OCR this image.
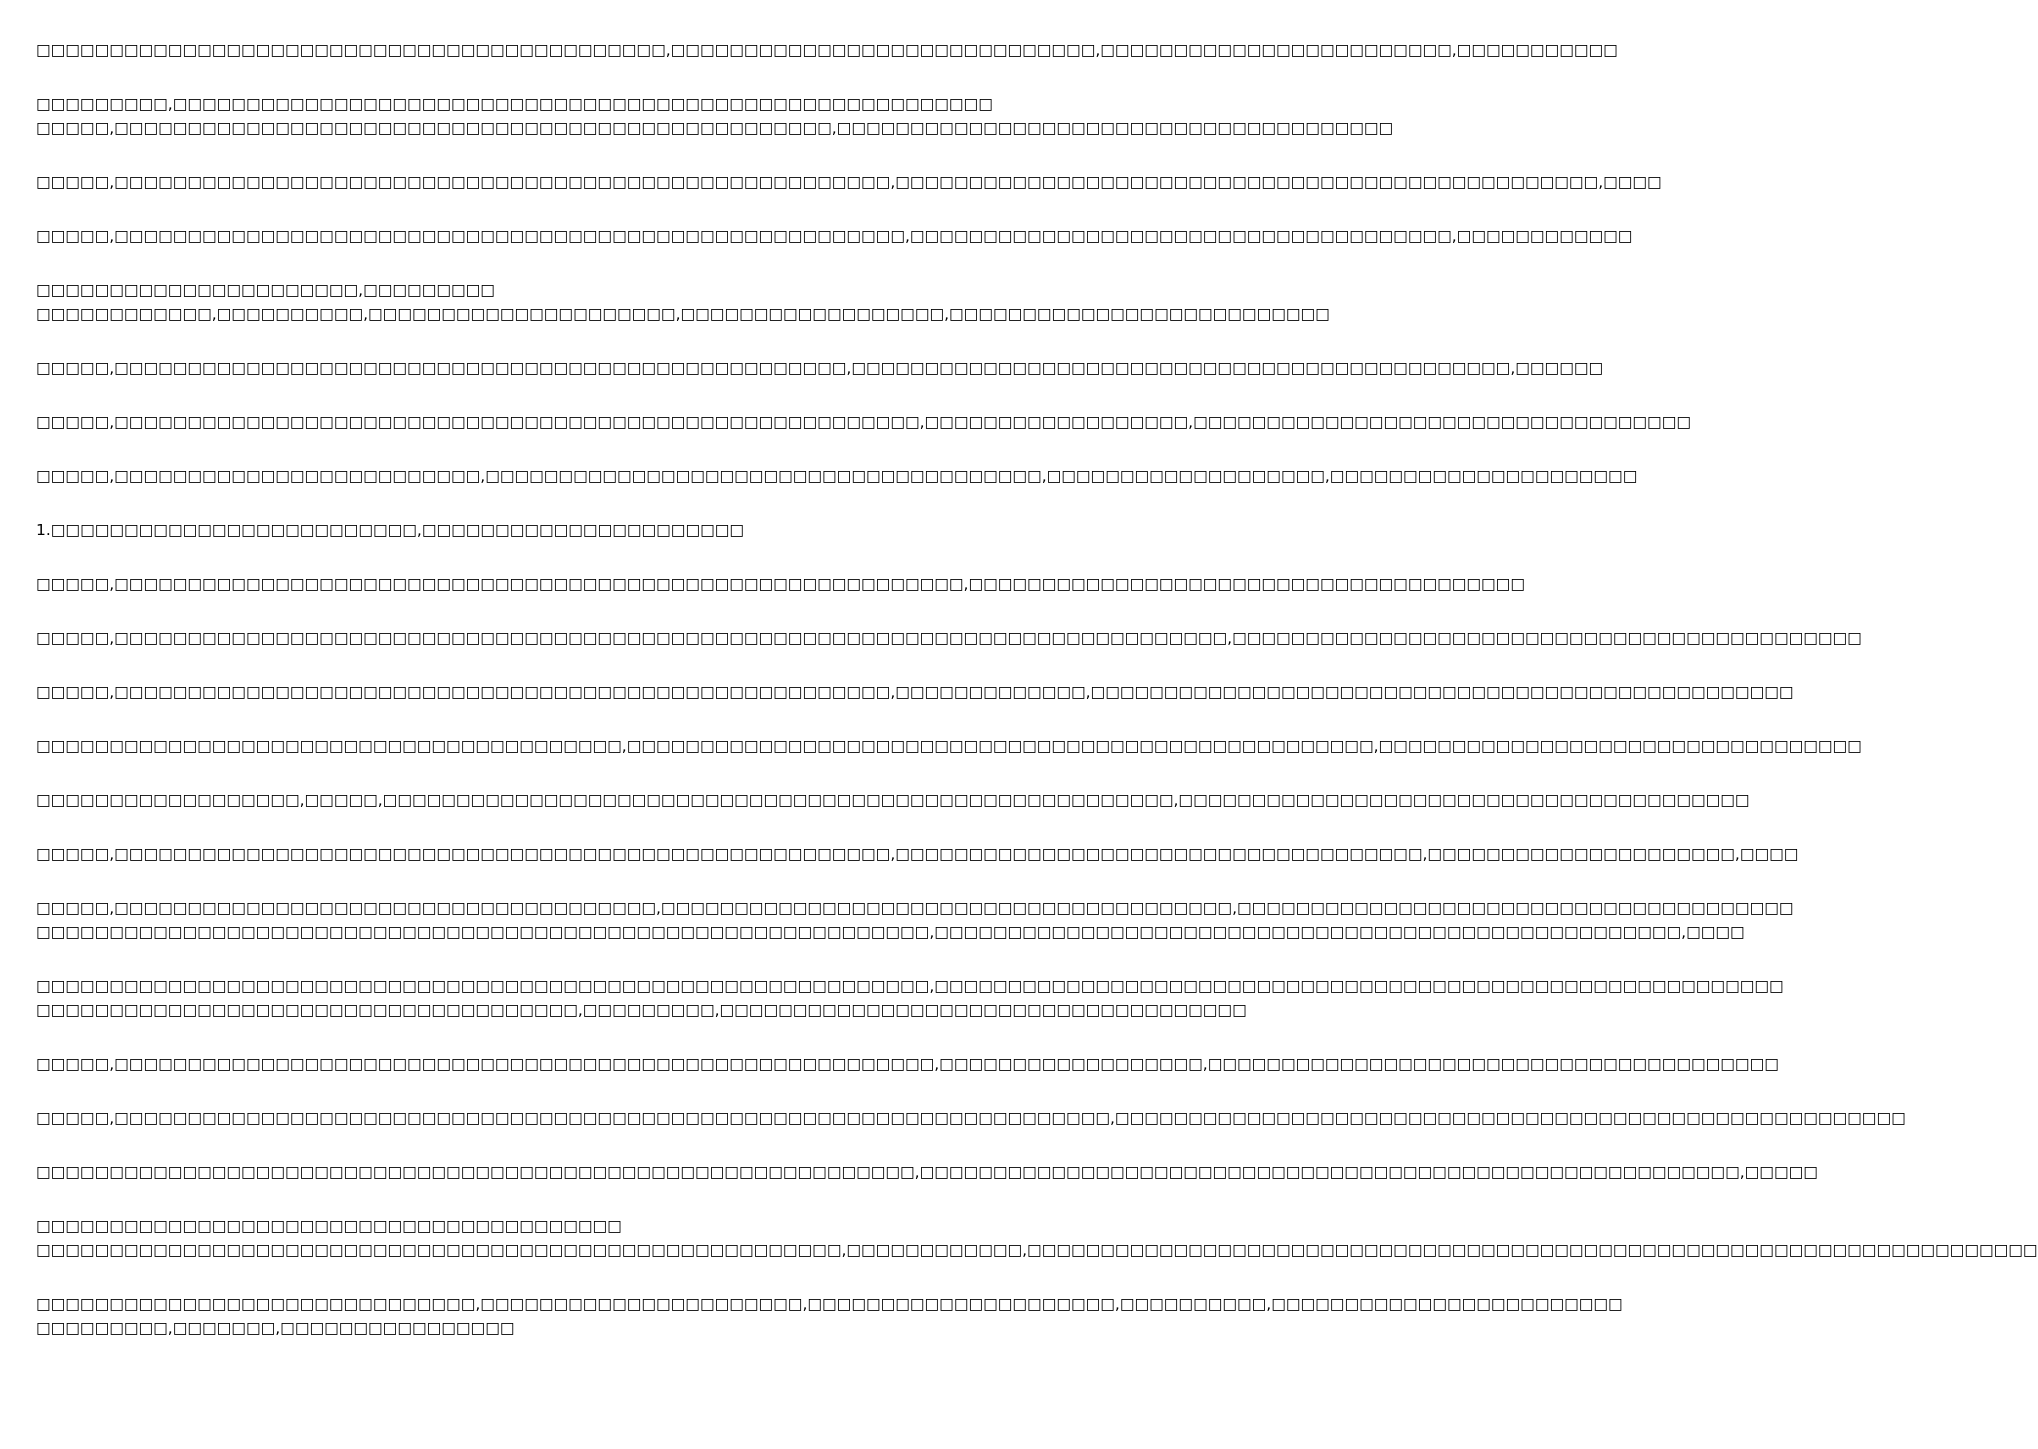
□□□□□□□□□□□□□□□□□□□□□□□□□□□□□□□□□□□□□□□□□□□,□□□□□□□□□□□□□□□□□□□□□□□□□□□□□,□□□□□□□□□□□□□□□□□□□□□□□□,□□□□□□□□□□□
□□□□□□□□□,□□□□□□□□□□□□□□□□□□□□□□□□□□□□□□□□□□□□□□□□□□□□□□□□□□□□□□□□
□□□□□,□□□□□□□□□□□□□□□□□□□□□□□□□□□□□□□□□□□□□□□□□□□□□□□□□,□□□□□□□□□□□□□□□□□□□□□□□□□□□□□□□□□□□□□□
□□□□□,□□□□□□□□□□□□□□□□□□□□□□□□□□□□□□□□□□□□□□□□□□□□□□□□□□□□□,□□□□□□□□□□□□□□□□□□□□□□□□□□□□□□□□□□□□□□□□□□□□□□□□,□□□□
□□□□□,□□□□□□□□□□□□□□□□□□□□□□□□□□□□□□□□□□□□□□□□□□□□□□□□□□□□□□,□□□□□□□□□□□□□□□□□□□□□□□□□□□□□□□□□□□□□,□□□□□□□□□□□□
□□□□□□□□□□□□□□□□□□□□□□,□□□□□□□□□
□□□□□□□□□□□□,□□□□□□□□□□,□□□□□□□□□□□□□□□□□□□□□,□□□□□□□□□□□□□□□□□□,□□□□□□□□□□□□□□□□□□□□□□□□□□
□□□□□,□□□□□□□□□□□□□□□□□□□□□□□□□□□□□□□□□□□□□□□□□□□□□□□□□□,□□□□□□□□□□□□□□□□□□□□□□□□□□□□□□□□□□□□□□□□□□□□□,□□□□□□
□□□□□,□□□□□□□□□□□□□□□□□□□□□□□□□□□□□□□□□□□□□□□□□□□□□□□□□□□□□□□,□□□□□□□□□□□□□□□□□□,□□□□□□□□□□□□□□□□□□□□□□□□□□□□□□□□□□
□□□□□,□□□□□□□□□□□□□□□□□□□□□□□□□,□□□□□□□□□□□□□□□□□□□□□□□□□□□□□□□□□□□□□□,□□□□□□□□□□□□□□□□□□□,□□□□□□□□□□□□□□□□□□□□□
1.□□□□□□□□□□□□□□□□□□□□□□□□□,□□□□□□□□□□□□□□□□□□□□□□
□□□□□,□□□□□□□□□□□□□□□□□□□□□□□□□□□□□□□□□□□□□□□□□□□□□□□□□□□□□□□□□□,□□□□□□□□□□□□□□□□□□□□□□□□□□□□□□□□□□□□□□
□□□□□,□□□□□□□□□□□□□□□□□□□□□□□□□□□□□□□□□□□□□□□□□□□□□□□□□□□□□□□□□□□□□□□□□□□□□□□□□□□□,□□□□□□□□□□□□□□□□□□□□□□□□□□□□□□□□□□□□□□□□□□□
□□□□□,□□□□□□□□□□□□□□□□□□□□□□□□□□□□□□□□□□□□□□□□□□□□□□□□□□□□□,□□□□□□□□□□□□□,□□□□□□□□□□□□□□□□□□□□□□□□□□□□□□□□□□□□□□□□□□□□□□□□
□□□□□□□□□□□□□□□□□□□□□□□□□□□□□□□□□□□□□□□□,□□□□□□□□□□□□□□□□□□□□□□□□□□□□□□□□□□□□□□□□□□□□□□□□□□□,□□□□□□□□□□□□□□□□□□□□□□□□□□□□□□□□□
□□□□□□□□□□□□□□□□□□,□□□□□,□□□□□□□□□□□□□□□□□□□□□□□□□□□□□□□□□□□□□□□□□□□□□□□□□□□□□□,□□□□□□□□□□□□□□□□□□□□□□□□□□□□□□□□□□□□□□□
□□□□□,□□□□□□□□□□□□□□□□□□□□□□□□□□□□□□□□□□□□□□□□□□□□□□□□□□□□□,□□□□□□□□□□□□□□□□□□□□□□□□□□□□□□□□□□□□,□□□□□□□□□□□□□□□□□□□□□,□□□□
□□□□□,□□□□□□□□□□□□□□□□□□□□□□□□□□□□□□□□□□□□□,□□□□□□□□□□□□□□□□□□□□□□□□□□□□□□□□□□□□□□□,□□□□□□□□□□□□□□□□□□□□□□□□□□□□□□□□□□□□□□
□□□□□□□□□□□□□□□□□□□□□□□□□□□□□□□□□□□□□□□□□□□□□□□□□□□□□□□□□□□□□,□□□□□□□□□□□□□□□□□□□□□□□□□□□□□□□□□□□□□□□□□□□□□□□□□□□,□□□□
□□□□□□□□□□□□□□□□□□□□□□□□□□□□□□□□□□□□□□□□□□□□□□□□□□□□□□□□□□□□□,□□□□□□□□□□□□□□□□□□□□□□□□□□□□□□□□□□□□□□□□□□□□□□□□□□□□□□□□□□
□□□□□□□□□□□□□□□□□□□□□□□□□□□□□□□□□□□□□,□□□□□□□□□,□□□□□□□□□□□□□□□□□□□□□□□□□□□□□□□□□□□□
□□□□□,□□□□□□□□□□□□□□□□□□□□□□□□□□□□□□□□□□□□□□□□□□□□□□□□□□□□□□□□,□□□□□□□□□□□□□□□□□□,□□□□□□□□□□□□□□□□□□□□□□□□□□□□□□□□□□□□□□□
□□□□□,□□□□□□□□□□□□□□□□□□□□□□□□□□□□□□□□□□□□□□□□□□□□□□□□□□□□□□□□□□□□□□□□□□□□,□□□□□□□□□□□□□□□□□□□□□□□□□□□□□□□□□□□□□□□□□□□□□□□□□□□□□□
□□□□□□□□□□□□□□□□□□□□□□□□□□□□□□□□□□□□□□□□□□□□□□□□□□□□□□□□□□□□,□□□□□□□□□□□□□□□□□□□□□□□□□□□□□□□□□□□□□□□□□□□□□□□□□□□□□□□□,□□□□□
□□□□□□□□□□□□□□□□□□□□□□□□□□□□□□□□□□□□□□□□
□□□□□□□□□□□□□□□□□□□□□□□□□□□□□□□□□□□□□□□□□□□□□□□□□□□□□□□,□□□□□□□□□□□□,□□□□□□□□□□□□□□□□□□□□□□□□□□□□□□□□□□□□□□□□□□□□□□□□□□□□□□□□□□□□□□□□□□□□□
□□□□□□□□□□□□□□□□□□□□□□□□□□□□□□,□□□□□□□□□□□□□□□□□□□□□□,□□□□□□□□□□□□□□□□□□□□□,□□□□□□□□□□,□□□□□□□□□□□□□□□□□□□□□□□□
□□□□□□□□□,□□□□□□□,□□□□□□□□□□□□□□□□
